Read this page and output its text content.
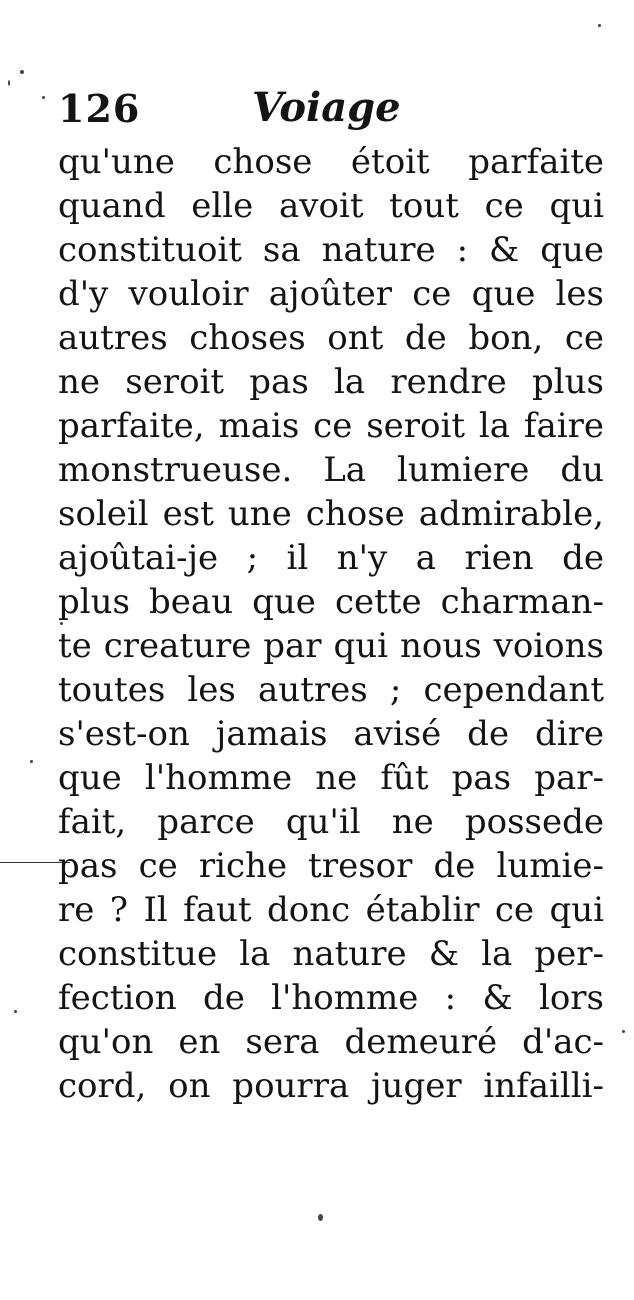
126	Voiage
qu'une chose étoit parfaite
quand elle avoit tout ce qui
constituoit sa nature : & que
d'y vouloir ajoûter ce que les
autres choses ont de bon, ce
ne seroit pas la rendre plus
parfaite, mais ce seroit la faire
monstrueuse. La lumiere du
soleil est une chose admirable,
ajoûtai-je ; il n'y a rien de
plus beau que cette charman-
te creature par qui nous voions
toutes les autres ; cependant
s'est-on jamais avisé de dire
que l'homme ne fût pas par-
fait, parce qu'il ne possede
pas ce riche tresor de lumie-
re ? Il faut donc établir ce qui
constitue la nature & la per-
fection de l'homme : & lors
qu'on en sera demeuré d'ac-
cord, on pourra juger infailli-
